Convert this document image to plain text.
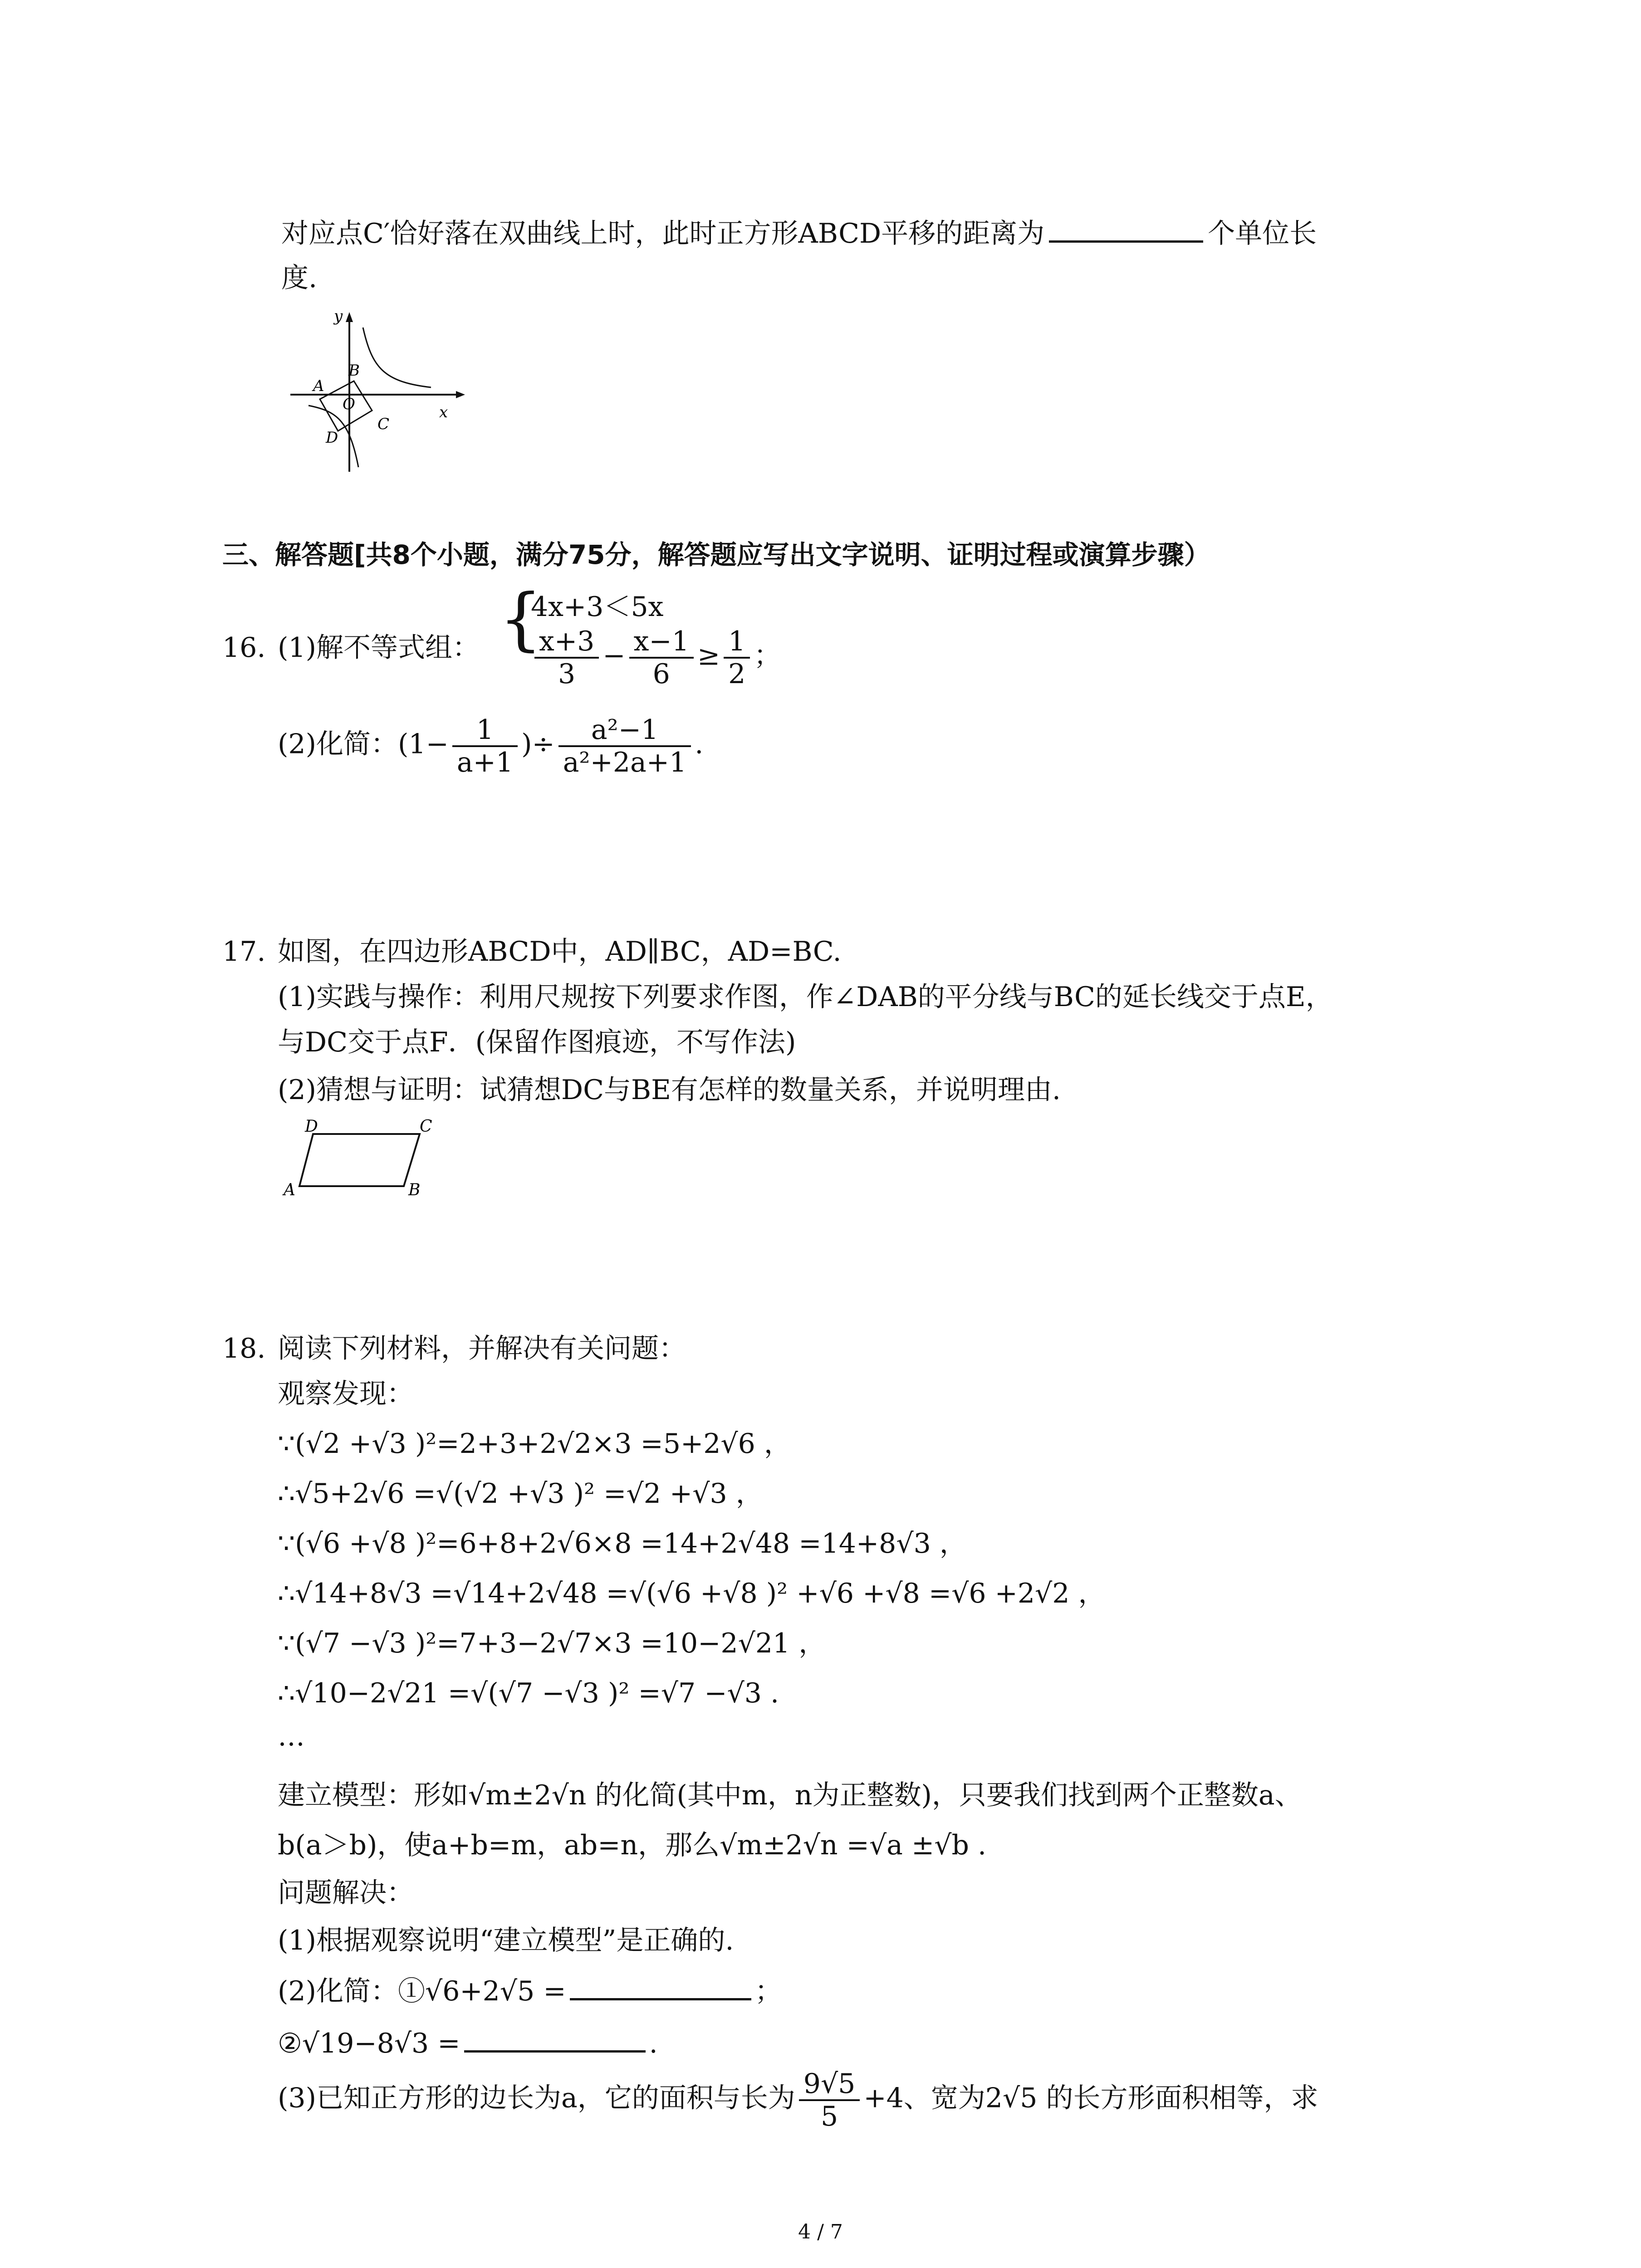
对应点C′恰好落在双曲线上时，此时正方形ABCD平移的距离为	个单位长
度.
x
y
A
B
O
C
D
三、解答题[共8个小题，满分75分，解答题应写出文字说明、证明过程或演算步骤）
16. (1)解不等式组： {
4x+3＜5x
$\frac{x+3}{3} - \frac{x-1}{6} \ge \frac{1}{2}$ ；
(2)化简：($1- \frac{1}{a+1}$ )÷ $\frac{\text{a²−1}}{\text{a²+2a+1}}$ .
17. 如图，在四边形ABCD中，AD∥BC，AD=BC.
(1)实践与操作：利用尺规按下列要求作图，作∠DAB的平分线与BC的延长线交于点E，
与DC交于点F．(保留作图痕迹，不写作法)
(2)猜想与证明：试猜想DC与BE有怎样的数量关系，并说明理由.
D	C
A	B
18. 阅读下列材料，并解决有关问题：
观察发现：
∵(√2 +√3 )²=2+3+2√2×3 =5+2√6 ，
∴√5+2√6 =√(√2 +√3 )² =√2 +√3 ，
∵(√6 +√8 )²=6+8+2√6×8 =14+2√48 =14+8√3 ，
∴√14+8√3 =√14+2√48 =√(√6 +√8 )² +√6 +√8 =√6 +2√2 ，
∵(√7 −√3 )²=7+3−2√7×3 =10−2√21 ，
∴√10−2√21 =√(√7 −√3 )² =√7 −√3 .
…
建立模型：形如√m±2√n 的化简(其中m，n为正整数)，只要我们找到两个正整数a、
b(a＞b)，使a+b=m，ab=n，那么√m±2√n =√a ±√b .
问题解决：
(1)根据观察说明“建立模型”是正确的.
(2)化简：①√6+2√5 =	；
②√19−8√3 =	.
(3)已知正方形的边长为a，它的面积与长为 $\frac{9√5}{5} +4$、宽为2√5 的长方形面积相等，求
4 / 7
